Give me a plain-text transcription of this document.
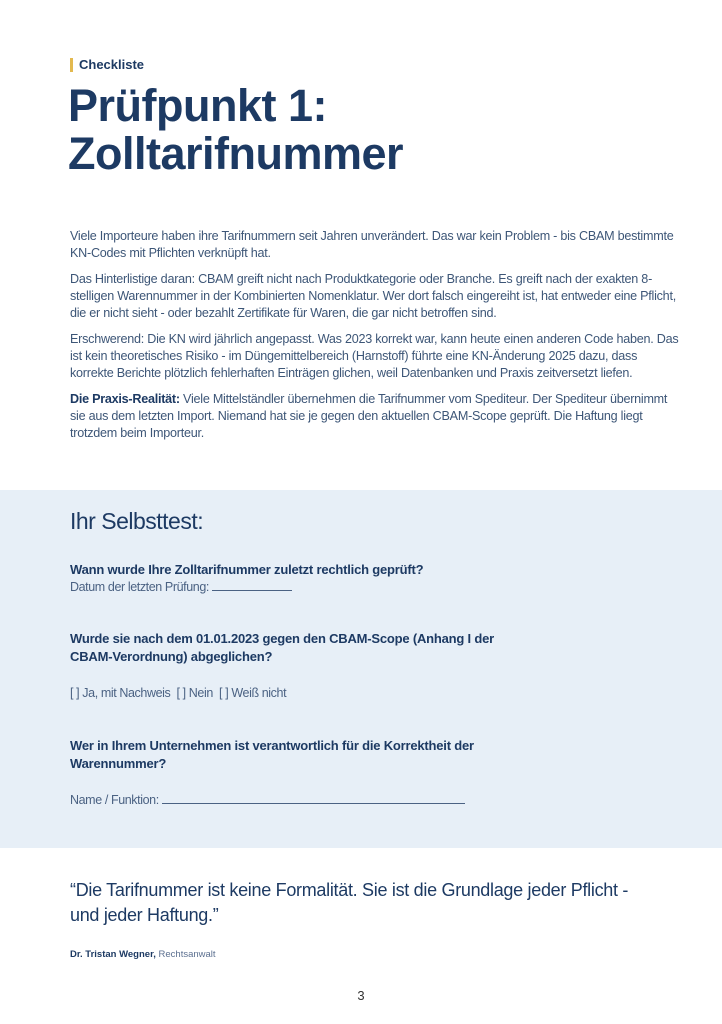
Checkliste
Prüfpunkt 1:
Zolltarifnummer

Viele Importeure haben ihre Tarifnummern seit Jahren unverändert. Das war kein Problem - bis CBAM bestimmte KN-Codes mit Pflichten verknüpft hat.

Das Hinterlistige daran: CBAM greift nicht nach Produktkategorie oder Branche. Es greift nach der exakten 8-stelligen Warennummer in der Kombinierten Nomenklatur. Wer dort falsch eingereiht ist, hat entweder eine Pflicht, die er nicht sieht - oder bezahlt Zertifikate für Waren, die gar nicht betroffen sind.

Erschwerend: Die KN wird jährlich angepasst. Was 2023 korrekt war, kann heute einen anderen Code haben. Das ist kein theoretisches Risiko - im Düngemittelbereich (Harnstoff) führte eine KN-Änderung 2025 dazu, dass korrekte Berichte plötzlich fehlerhaften Einträgen glichen, weil Datenbanken und Praxis zeitversetzt liefen.

Die Praxis-Realität: Viele Mittelständler übernehmen die Tarifnummer vom Spediteur. Der Spediteur übernimmt sie aus dem letzten Import. Niemand hat sie je gegen den aktuellen CBAM-Scope geprüft. Die Haftung liegt trotzdem beim Importeur.

Ihr Selbsttest:
Wann wurde Ihre Zolltarifnummer zuletzt rechtlich geprüft?
Datum der letzten Prüfung:
Wurde sie nach dem 01.01.2023 gegen den CBAM-Scope (Anhang I der CBAM-Verordnung) abgeglichen?
[ ] Ja, mit Nachweis  [ ] Nein  [ ] Weiß nicht
Wer in Ihrem Unternehmen ist verantwortlich für die Korrektheit der Warennummer?
Name / Funktion:
“Die Tarifnummer ist keine Formalität. Sie ist die Grundlage jeder Pflicht - und jeder Haftung.”
Dr. Tristan Wegner, Rechtsanwalt
3
